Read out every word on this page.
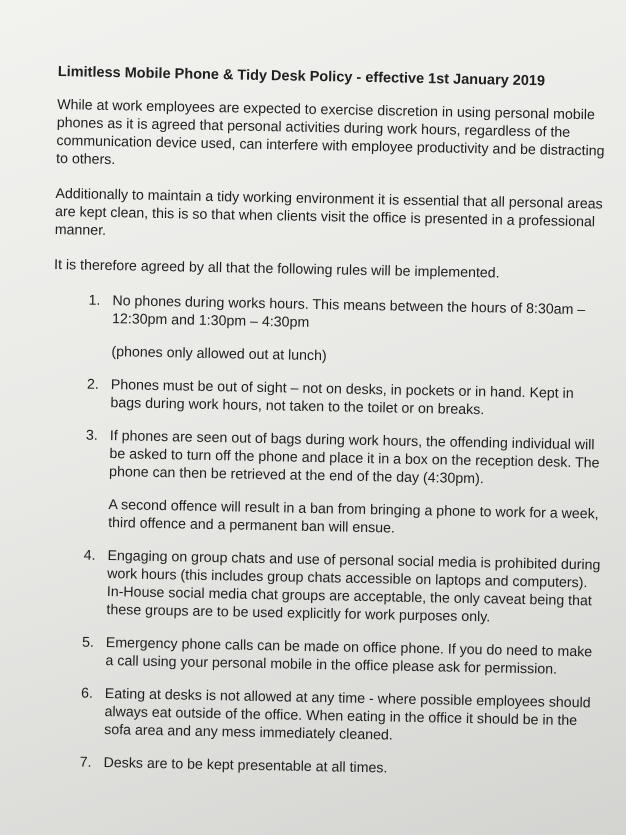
Limitless Mobile Phone & Tidy Desk Policy - effective 1st January 2019

While at work employees are expected to exercise discretion in using personal mobile phones as it is agreed that personal activities during work hours, regardless of the communication device used, can interfere with employee productivity and be distracting to others.

Additionally to maintain a tidy working environment it is essential that all personal areas are kept clean, this is so that when clients visit the office is presented in a professional manner.

It is therefore agreed by all that the following rules will be implemented.

1. No phones during works hours. This means between the hours of 8:30am – 12:30pm and 1:30pm – 4:30pm
(phones only allowed out at lunch)
2. Phones must be out of sight – not on desks, in pockets or in hand. Kept in bags during work hours, not taken to the toilet or on breaks.
3. If phones are seen out of bags during work hours, the offending individual will be asked to turn off the phone and place it in a box on the reception desk. The phone can then be retrieved at the end of the day (4:30pm).
A second offence will result in a ban from bringing a phone to work for a week, third offence and a permanent ban will ensue.
4. Engaging on group chats and use of personal social media is prohibited during work hours (this includes group chats accessible on laptops and computers). In-House social media chat groups are acceptable, the only caveat being that these groups are to be used explicitly for work purposes only.
5. Emergency phone calls can be made on office phone. If you do need to make a call using your personal mobile in the office please ask for permission.
6. Eating at desks is not allowed at any time - where possible employees should always eat outside of the office. When eating in the office it should be in the sofa area and any mess immediately cleaned.
7. Desks are to be kept presentable at all times.
